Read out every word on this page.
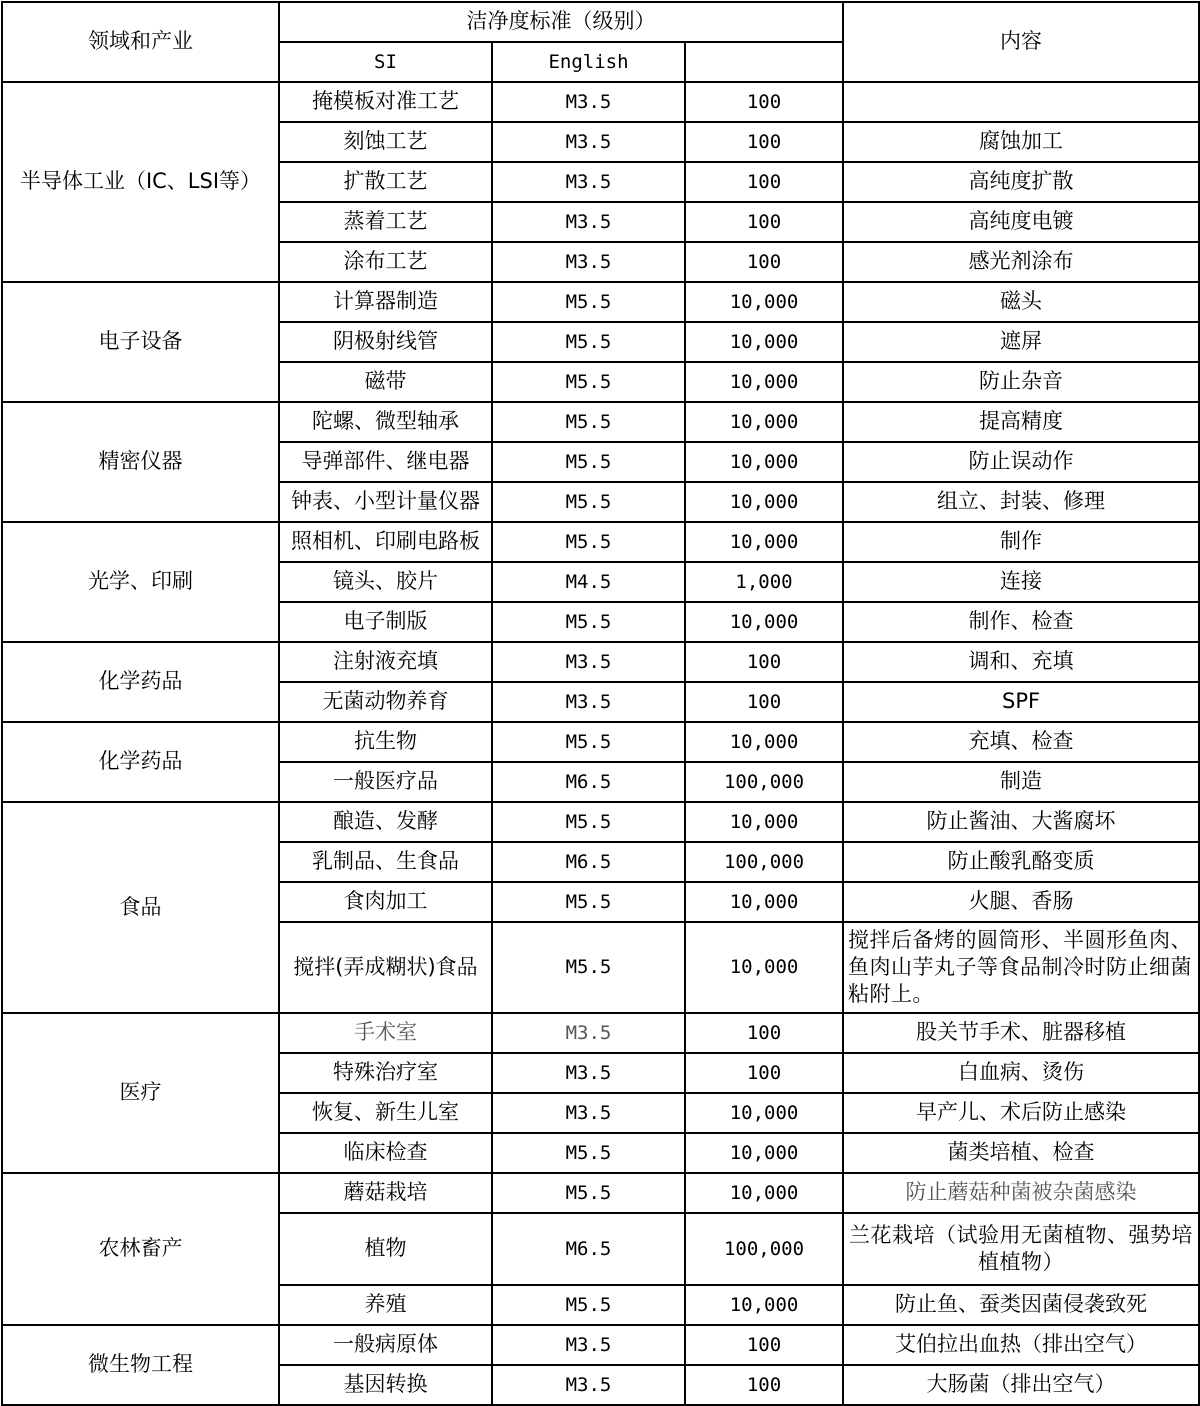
领域和产业	洁净度标准（级别）			内容
	SI	English		
半导体工业（IC、LSI等）	掩模板对准工艺	M3.5	100	
	刻蚀工艺	M3.5	100	腐蚀加工
	扩散工艺	M3.5	100	高纯度扩散
	蒸着工艺	M3.5	100	高纯度电镀
	涂布工艺	M3.5	100	感光剂涂布
电子设备	计算器制造	M5.5	10,000	磁头
	阴极射线管	M5.5	10,000	遮屏
	磁带	M5.5	10,000	防止杂音
精密仪器	陀螺、微型轴承	M5.5	10,000	提高精度
	导弹部件、继电器	M5.5	10,000	防止误动作
	钟表、小型计量仪器	M5.5	10,000	组立、封装、修理
光学、印刷	照相机、印刷电路板	M5.5	10,000	制作
	镜头、胶片	M4.5	1,000	连接
	电子制版	M5.5	10,000	制作、检查
化学药品	注射液充填	M3.5	100	调和、充填
	无菌动物养育	M3.5	100	SPF
化学药品	抗生物	M5.5	10,000	充填、检查
	一般医疗品	M6.5	100,000	制造
食品	酿造、发酵	M5.5	10,000	防止酱油、大酱腐坏
	乳制品、生食品	M6.5	100,000	防止酸乳酪变质
	食肉加工	M5.5	10,000	火腿、香肠
	搅拌(弄成糊状)食品	M5.5	10,000	搅拌后备烤的圆筒形、半圆形鱼肉、鱼肉山芋丸子等食品制冷时防止细菌粘附上。
医疗	手术室	M3.5	100	股关节手术、脏器移植
	特殊治疗室	M3.5	100	白血病、烫伤
	恢复、新生儿室	M3.5	10,000	早产儿、术后防止感染
	临床检查	M5.5	10,000	菌类培植、检查
农林畜产	蘑菇栽培	M5.5	10,000	防止蘑菇种菌被杂菌感染
	植物	M6.5	100,000	兰花栽培（试验用无菌植物、强势培植植物）
	养殖	M5.5	10,000	防止鱼、蚕类因菌侵袭致死
微生物工程	一般病原体	M3.5	100	艾伯拉出血热（排出空气）
	基因转换	M3.5	100	大肠菌（排出空气）
